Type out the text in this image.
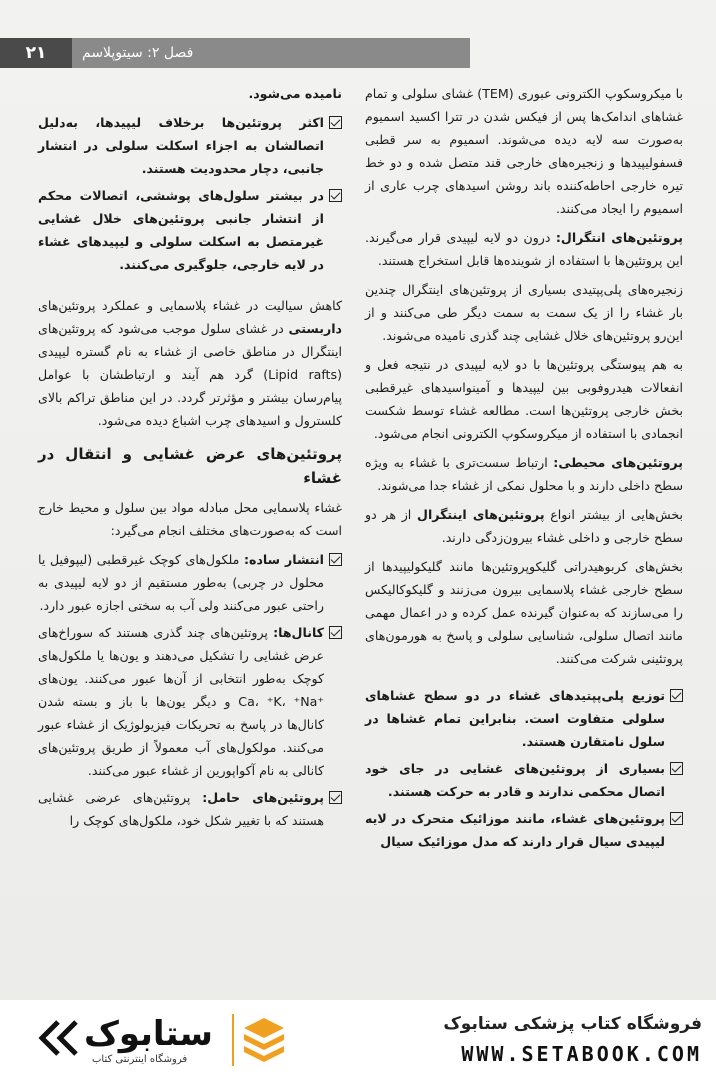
۲۱	فصل ۲: سیتوپلاسم
با میکروسکوپ الکترونی عبوری (TEM) غشای سلولی و تمام غشاهای اندامک‌ها پس از فیکس شدن در تترا اکسید اسمیوم به‌صورت سه لایه دیده می‌شوند. اسمیوم به سر قطبی فسفولیپیدها و زنجیره‌های خارجی قند متصل شده و دو خط تیره خارجی احاطه‌کننده باند روشن اسیدهای چرب عاری از اسمیوم را ایجاد می‌کنند.
پروتئین‌های انتگرال: درون دو لایه لیپیدی قرار می‌گیرند. این پروتئین‌ها با استفاده از شوینده‌ها قابل استخراج هستند.
زنجیره‌های پلی‌پپتیدی بسیاری از پروتئین‌های اینتگرال چندین بار غشاء را از یک سمت به سمت دیگر طی می‌کنند و از این‌رو پروتئین‌های خلال غشایی چند گذری نامیده می‌شوند.
به هم پیوستگی پروتئین‌ها با دو لایه لیپیدی در نتیجه فعل و انفعالات هیدروفوبی بین لیپیدها و آمینواسیدهای غیرقطبی بخش خارجی پروتئین‌ها است. مطالعه غشاء توسط شکست انجمادی با استفاده از میکروسکوپ الکترونی انجام می‌شود.
پروتئین‌های محیطی: ارتباط سست‌تری با غشاء به ویژه سطح داخلی دارند و با محلول نمکی از غشاء جدا می‌شوند.
بخش‌هایی از بیشتر انواع پروتئین‌های اینتگرال از هر دو سطح خارجی و داخلی غشاء بیرون‌زدگی دارند.
بخش‌های کربوهیدراتی گلیکوپروتئین‌ها مانند گلیکولیپیدها از سطح خارجی غشاء پلاسمایی بیرون می‌زنند و گلیکوکالیکس را می‌سازند که به‌عنوان گیرنده عمل کرده و در اعمال مهمی مانند اتصال سلولی، شناسایی سلولی و پاسخ به هورمون‌های پروتئینی شرکت می‌کنند.
توزیع پلی‌پپتیدهای غشاء در دو سطح غشاهای سلولی متفاوت است. بنابراین تمام غشاها در سلول نامتقارن هستند.
بسیاری از پروتئین‌های غشایی در جای خود اتصال محکمی ندارند و قادر به حرکت هستند.
پروتئین‌های غشاء، مانند موزائیک متحرک در لایه لیپیدی سیال قرار دارند که مدل موزائیک سیال
نامیده می‌شود.
اکثر پروتئین‌ها برخلاف لیپیدها، به‌دلیل اتصالشان به اجزاء اسکلت سلولی در انتشار جانبی، دچار محدودیت هستند.
در بیشتر سلول‌های پوششی، اتصالات محکم از انتشار جانبی پروتئین‌های خلال غشایی غیرمتصل به اسکلت سلولی و لیپیدهای غشاء در لایه خارجی، جلوگیری می‌کنند.
کاهش سیالیت در غشاء پلاسمایی و عملکرد پروتئین‌های داربستی در غشای سلول موجب می‌شود که پروتئین‌های اینتگرال در مناطق خاصی از غشاء به نام گستره لیپیدی (Lipid rafts) گرد هم آیند و ارتباطشان با عوامل پیام‌رسان بیشتر و مؤثرتر گردد. در این مناطق تراکم بالای کلسترول و اسیدهای چرب اشباع دیده می‌شود.
پروتئین‌های عرض غشایی و انتقال در غشاء
غشاء پلاسمایی محل مبادله مواد بین سلول و محیط خارج است که به‌صورت‌های مختلف انجام می‌گیرد:
انتشار ساده: ملکول‌های کوچک غیرقطبی (لیپوفیل یا محلول در چربی) به‌طور مستقیم از دو لایه لیپیدی به راحتی عبور می‌کنند ولی آب به سختی اجازه عبور دارد.
کانال‌ها: پروتئین‌های چند گذری هستند که سوراخ‌های عرض غشایی را تشکیل می‌دهند و یون‌ها یا ملکول‌های کوچک به‌طور انتخابی از آن‌ها عبور می‌کنند. یون‌های ⁺Ca، ⁺K، ⁺Na و دیگر یون‌ها با باز و بسته شدن کانال‌ها در پاسخ به تحریکات فیزیولوژیک از غشاء عبور می‌کنند. مولکول‌های آب معمولاً از طریق پروتئین‌های کانالی به نام آکواپورین از غشاء عبور می‌کنند.
پروتئین‌های حامل: پروتئین‌های عرضی غشایی هستند که با تغییر شکل خود، ملکول‌های کوچک را
ستابوک
فروشگاه اینترنتی کتاب
فروشگاه کتاب پزشکی ستابوک
WWW.SETABOOK.COM
